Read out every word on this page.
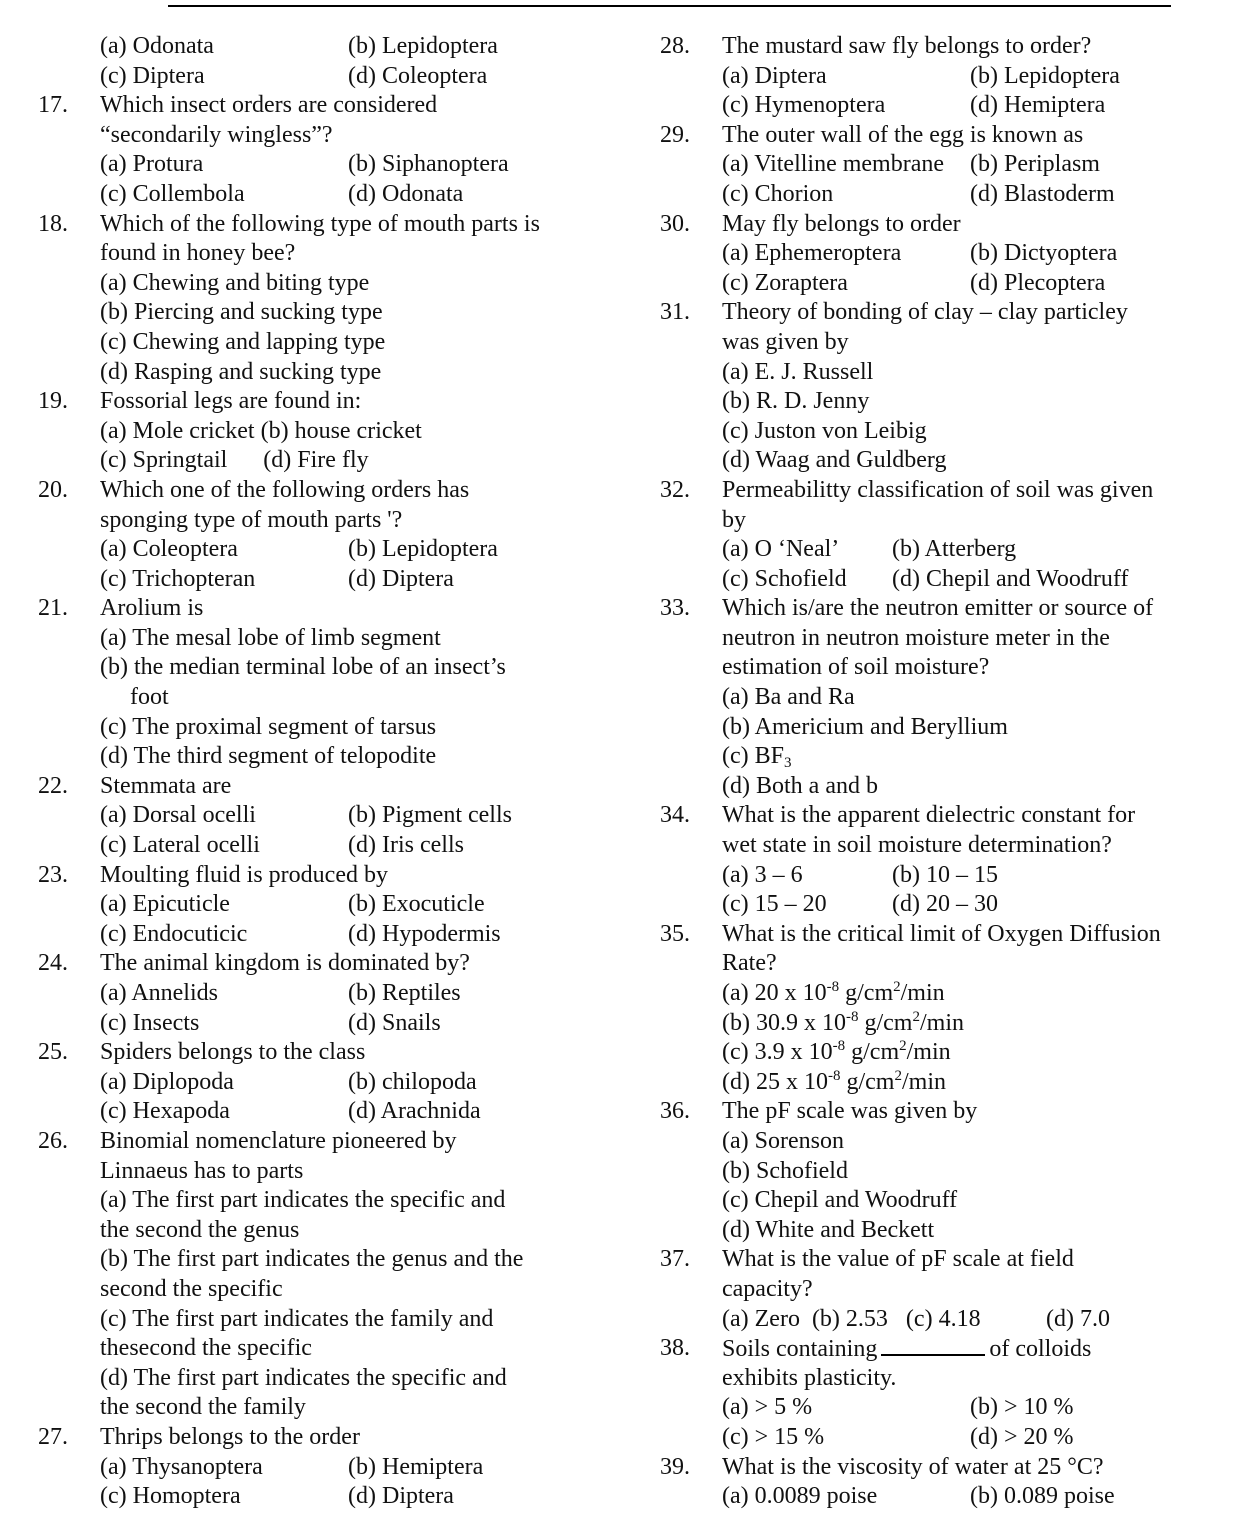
(a) Odonata	(b) Lepidoptera
(c) Diptera	(d) Coleoptera
17.	Which insect orders are considered
“secondarily wingless”?
(a) Protura	(b) Siphanoptera
(c) Collembola	(d) Odonata
18.	Which of the following type of mouth parts is
found in honey bee?
(a) Chewing and biting type
(b) Piercing and sucking type
(c) Chewing and lapping type
(d) Rasping and sucking type
19.	Fossorial legs are found in:
(a) Mole cricket (b) house cricket
(c) Springtail      (d) Fire fly
20.	Which one of the following orders has
sponging type of mouth parts '?
(a) Coleoptera	(b) Lepidoptera
(c) Trichopteran	(d) Diptera
21.	Arolium is
(a) The mesal lobe of limb segment
(b) the median terminal lobe of an insect’s
foot
(c) The proximal segment of tarsus
(d) The third segment of telopodite
22.	Stemmata are
(a) Dorsal ocelli	(b) Pigment cells
(c) Lateral ocelli	(d) Iris cells
23.	Moulting fluid is produced by
(a) Epicuticle	(b) Exocuticle
(c) Endocuticic	(d) Hypodermis
24.	The animal kingdom is dominated by?
(a) Annelids	(b) Reptiles
(c) Insects	(d) Snails
25.	Spiders belongs to the class
(a) Diplopoda	(b) chilopoda
(c) Hexapoda	(d) Arachnida
26.	Binomial nomenclature pioneered by
Linnaeus has to parts
(a) The first part indicates the specific and
the second the genus
(b) The first part indicates the genus and the
second the specific
(c) The first part indicates the family and
thesecond the specific
(d) The first part indicates the specific and
the second the family
27.	Thrips belongs to the order
(a) Thysanoptera	(b) Hemiptera
(c) Homoptera	(d) Diptera
28.	The mustard saw fly belongs to order?
(a) Diptera	(b) Lepidoptera
(c) Hymenoptera	(d) Hemiptera
29.	The outer wall of the egg is known as
(a) Vitelline membrane (b) Periplasm
(c) Chorion	(d) Blastoderm
30.	May fly belongs to order
(a) Ephemeroptera	(b) Dictyoptera
(c) Zoraptera	(d) Plecoptera
31.	Theory of bonding of clay – clay particley
was given by
(a) E. J. Russell
(b) R. D. Jenny
(c) Juston von Leibig
(d) Waag and Guldberg
32.	Permeabilitty classification of soil was given
by
(a) O ‘Neal’ (b) Atterberg
(c) Schofield (d) Chepil and Woodruff
33.	Which is/are the neutron emitter or source of
neutron in neutron moisture meter in the
estimation of soil moisture?
(a) Ba and Ra
(b) Americium and Beryllium
(c) $BF_3$
(d) Both a and b
34.	What is the apparent dielectric constant for
wet state in soil moisture determination?
(a) 3 – 6	(b) 10 – 15
(c) 15 – 20	(d) 20 – 30
35.	What is the critical limit of Oxygen Diffusion
Rate?
(a) 20 x $10^{-8}$ $g/cm^2/\min$
(b) 30.9 x $10^{-8}$ $g/cm^2/\min$
(c) 3.9 x $10^{-8}$ $g/cm^2/\min$
(d) 25 x $10^{-8}$ $g/cm^2/\min$
36.	The pF scale was given by
(a) Sorenson
(b) Schofield
(c) Chepil and Woodruff
(d) White and Beckett
37.	What is the value of pF scale at field
capacity?
(a) Zero  (b) 2.53   (c) 4.18	(d) 7.0
38.	Soils containing	of colloids
exhibits plasticity.
(a) > 5 %	(b) > 10 %
(c) > 15 %	(d) > 20 %
39.	What is the viscosity of water at 25 °C?
(a) 0.0089 poise	(b) 0.089 poise
